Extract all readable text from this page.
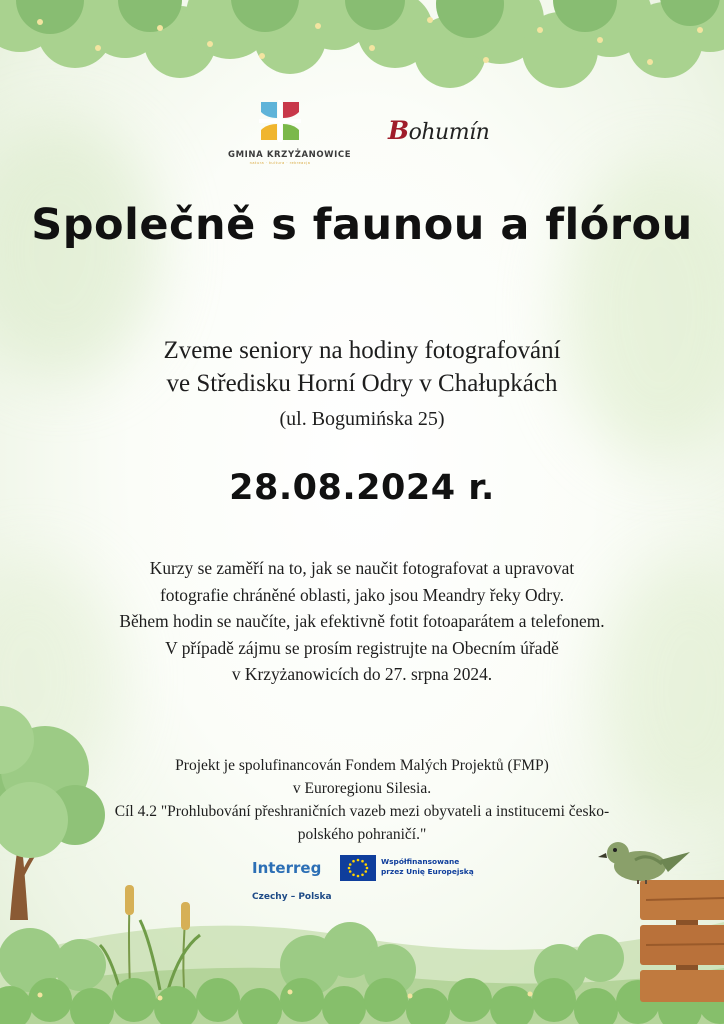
GMINA KRZYŻANOWICE
natura · kultura · rekreacja
Bohumín
Společně s faunou a flórou
Zveme seniory na hodiny fotografování
ve Středisku Horní Odry v Chałupkách
(ul. Bogumińska 25)
28.08.2024 r.
Kurzy se zaměří na to, jak se naučit fotografovat a upravovat
fotografie chráněné oblasti, jako jsou Meandry řeky Odry.
Během hodin se naučíte, jak efektivně fotit fotoaparátem a telefonem.
V případě zájmu se prosím registrujte na Obecním úřadě
v Krzyżanowicích do 27. srpna 2024.
Projekt je spolufinancován Fondem Malých Projektů (FMP)
v Euroregionu Silesia.
Cíl 4.2 "Prohlubování přeshraničních vazeb mezi obyvateli a institucemi česko-
polského pohraničí."
Interreg
Czechy – Polska
Współfinansowane
przez Unię Europejską
